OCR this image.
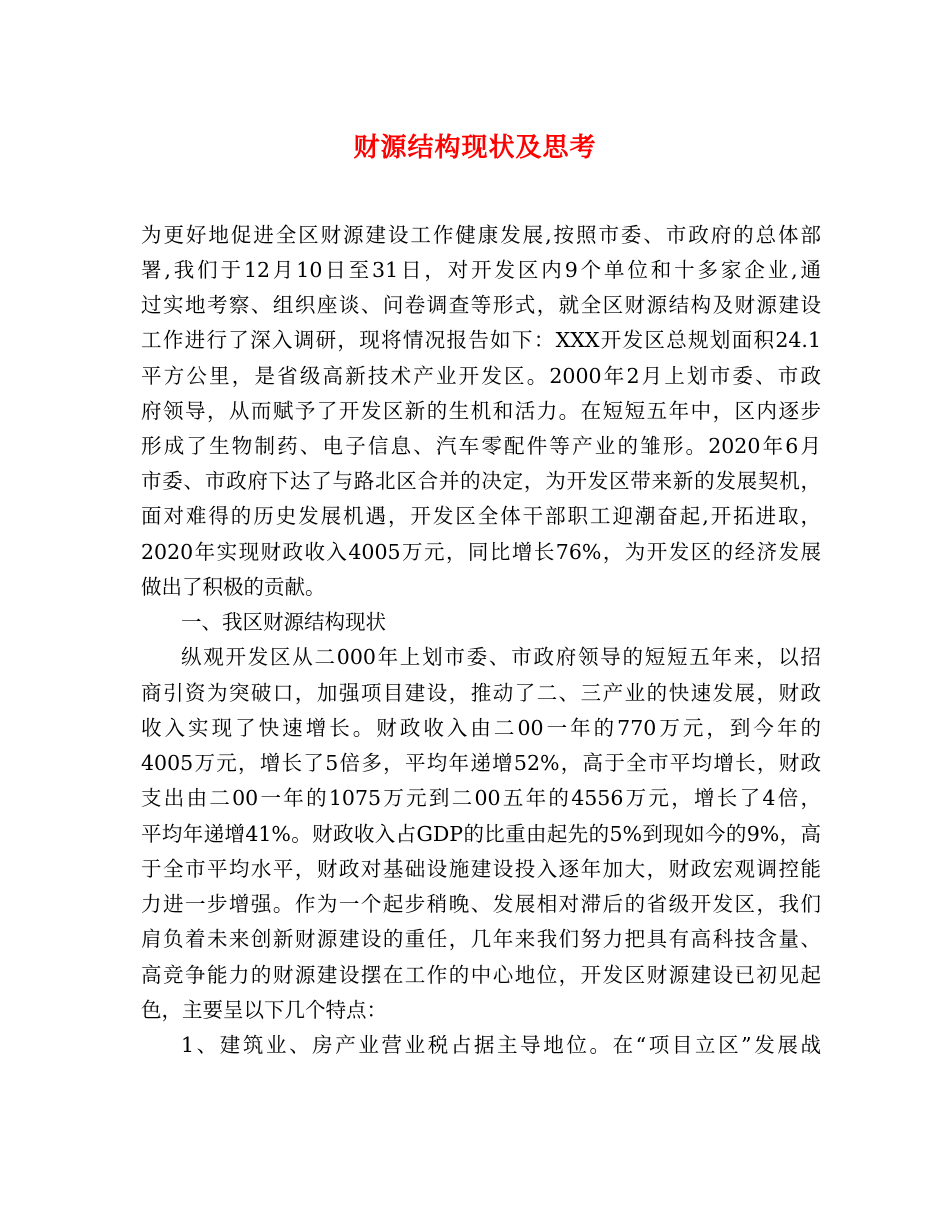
财源结构现状及思考
为更好地促进全区财源建设工作健康发展,按照市委、市政府的总体部
署,我们于12月10日至31日，对开发区内9个单位和十多家企业,通
过实地考察、组织座谈、问卷调查等形式，就全区财源结构及财源建设
工作进行了深入调研，现将情况报告如下：XXX开发区总规划面积24.1
平方公里，是省级高新技术产业开发区。2000年2月上划市委、市政
府领导，从而赋予了开发区新的生机和活力。在短短五年中，区内逐步
形成了生物制药、电子信息、汽车零配件等产业的雏形。2020年6月
市委、市政府下达了与路北区合并的决定，为开发区带来新的发展契机，
面对难得的历史发展机遇，开发区全体干部职工迎潮奋起,开拓进取，
2020年实现财政收入4005万元，同比增长76%，为开发区的经济发展
做出了积极的贡献。
一、我区财源结构现状
纵观开发区从二000年上划市委、市政府领导的短短五年来，以招
商引资为突破口，加强项目建设，推动了二、三产业的快速发展，财政
收入实现了快速增长。财政收入由二00一年的770万元，到今年的
4005万元，增长了5倍多，平均年递增52%，高于全市平均增长，财政
支出由二00一年的1075万元到二00五年的4556万元，增长了4倍，
平均年递增41%。财政收入占GDP的比重由起先的5%到现如今的9%，高
于全市平均水平，财政对基础设施建设投入逐年加大，财政宏观调控能
力进一步增强。作为一个起步稍晚、发展相对滞后的省级开发区，我们
肩负着未来创新财源建设的重任，几年来我们努力把具有高科技含量、
高竞争能力的财源建设摆在工作的中心地位，开发区财源建设已初见起
色，主要呈以下几个特点：
1、建筑业、房产业营业税占据主导地位。在“项目立区”发展战
